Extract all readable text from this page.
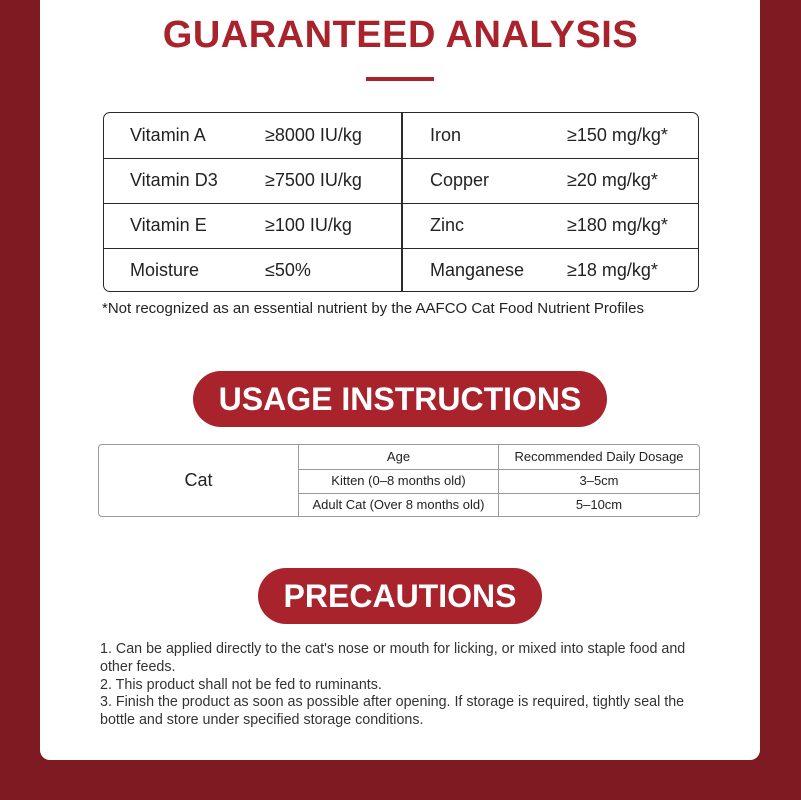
GUARANTEED ANALYSIS
Vitamin A	≥8000 IU/kg	Iron	≥150 mg/kg*
Vitamin D3	≥7500 IU/kg	Copper	≥20 mg/kg*
Vitamin E	≥100 IU/kg	Zinc	≥180 mg/kg*
Moisture	≤50%	Manganese ≥18 mg/kg*
*Not recognized as an essential nutrient by the AAFCO Cat Food Nutrient Profiles
USAGE INSTRUCTIONS
Cat
Age	Recommended Daily Dosage
Kitten (0–8 months old)	3–5cm
Adult Cat (Over 8 months old)	5–10cm
PRECAUTIONS

1. Can be applied directly to the cat's nose or mouth for licking, or mixed into staple food and other feeds.

2. This product shall not be fed to ruminants.

3. Finish the product as soon as possible after opening. If storage is required, tightly seal the bottle and store under specified storage conditions.
